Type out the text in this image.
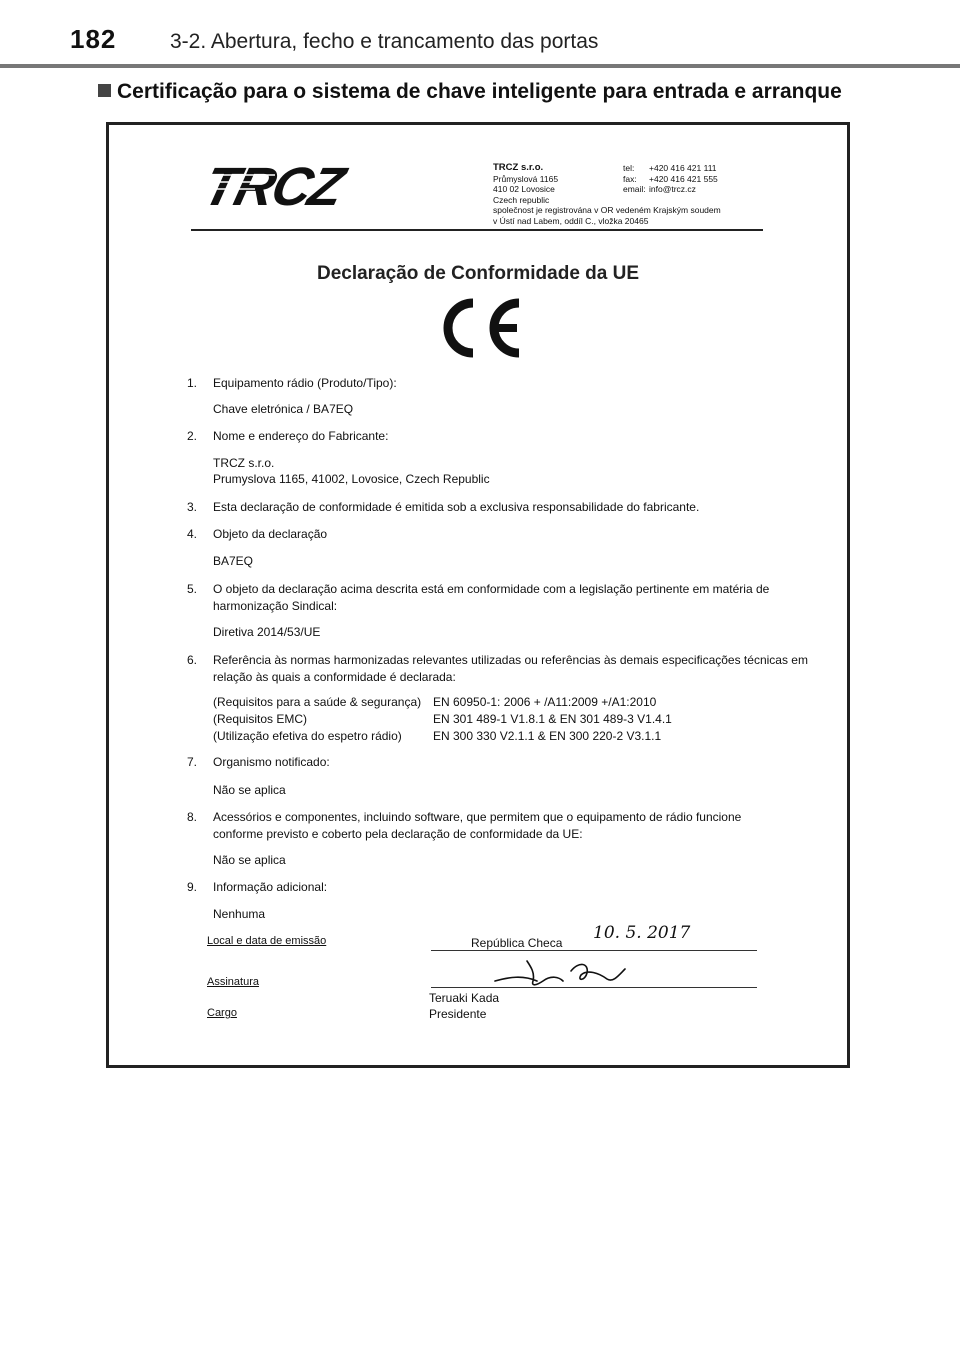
182	3-2. Abertura, fecho e trancamento das portas
Certificação para o sistema de chave inteligente para entrada e arranque
TRCZ	TRCZ s.r.o.
Průmyslová 1165
410 02 Lovosice
Czech republic
společnost je registrována v OR vedeném Krajským soudem
v Ústí nad Labem, oddíl C., vložka 20465
tel: +420 416 421 111
fax: +420 416 421 555
email: info@trcz.cz
Declaração de Conformidade da UE
1.	Equipamento rádio (Produto/Tipo):
Chave eletrónica / BA7EQ
2.	Nome e endereço do Fabricante:
TRCZ s.r.o.
Prumyslova 1165, 41002, Lovosice, Czech Republic
3.	Esta declaração de conformidade é emitida sob a exclusiva responsabilidade do fabricante.
4.	Objeto da declaração
BA7EQ
5.	O objeto da declaração acima descrita está em conformidade com a legislação pertinente em matéria de
harmonização Sindical:
Diretiva 2014/53/UE
6.	Referência às normas harmonizadas relevantes utilizadas ou referências às demais especificações técnicas em
relação às quais a conformidade é declarada:
(Requisitos para a saúde & segurança) EN 60950-1: 2006 + /A11:2009 +/A1:2010
(Requisitos EMC)	EN 301 489-1 V1.8.1 & EN 301 489-3 V1.4.1
(Utilização efetiva do espetro rádio)	EN 300 330 V2.1.1 & EN 300 220-2 V3.1.1
7.	Organismo notificado:
Não se aplica
8.	Acessórios e componentes, incluindo software, que permitem que o equipamento de rádio funcione
conforme previsto e coberto pela declaração de conformidade da UE:
Não se aplica
9.	Informação adicional:
Nenhuma
Local e data de emissão	República Checa 10. 5. 2017
Assinatura
Teruaki Kada
Cargo	Presidente
